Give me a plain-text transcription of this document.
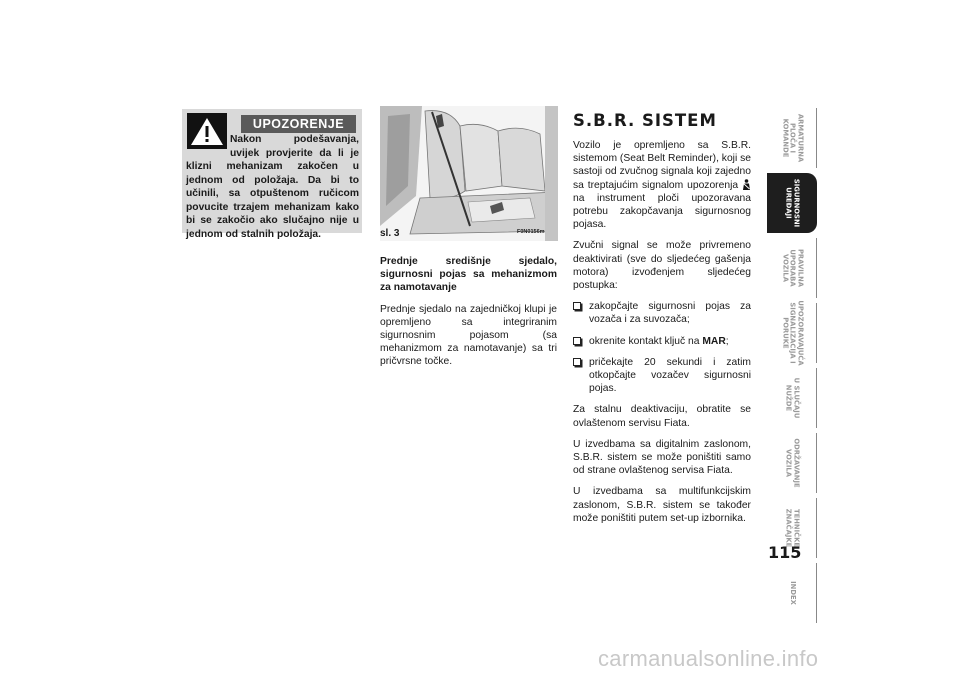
UPOZORENJE
Nakon podešavanja, uvijek provjerite da li je klizni mehanizam zakočen u jednom od položaja. Da bi to učinili, sa otpuštenom ručicom povucite trzajem mehanizam kako bi se zakočio ako slučajno nije u jednom od stalnih položaja.	sl. 3	F0N0156m

Prednje središnje sjedalo, sigurnosni pojas sa mehanizmom za namotavanje

Prednje sjedalo na zajedničkoj klupi je opremljeno sa integriranim sigurnosnim pojasom (sa mehanizmom za namotavanje) sa tri pričvrsne točke.

S.B.R. SISTEM

Vozilo je opremljeno sa S.B.R. sistemom (Seat Belt Reminder), koji se sastoji od zvučnog signala koji zajedno sa treptajućim signalom upozorenja  na instrument ploči upozoravana potrebu zakopčavanja sigurnosnog pojasa.

Zvučni signal se može privremeno deaktivirati (sve do sljedećeg gašenja motora) izvođenjem sljedećeg postupka:

zakopčajte sigurnosni pojas za vozača i za suvozača;
okrenite kontakt ključ na MAR;
pričekajte 20 sekundi i zatim otkopčajte vozačev sigurnosni pojas.

Za stalnu deaktivaciju, obratite se ovlaštenom servisu Fiata.

U izvedbama sa digitalnim zaslonom, S.B.R. sistem se može poništiti samo od strane ovlaštenog servisa Fiata.

U izvedbama sa multifunkcijskim zaslonom, S.B.R. sistem se također može poništiti putem set-up izbornika.

ARMATURNA
PLOČA I
KOMANDE
SIGURNOSNI
UREĐAJI
PRAVILNA
UPORABA
VOZILA
UPOZORAVAJUĆA
SIGNALIZACIJA I
PORUKE
U SLUČAJU
NUŽDE
ODRŽAVANJE
VOZILA
TEHNIČKE
ZNAČAJKE
INDEX
115
carmanualsonline.info
